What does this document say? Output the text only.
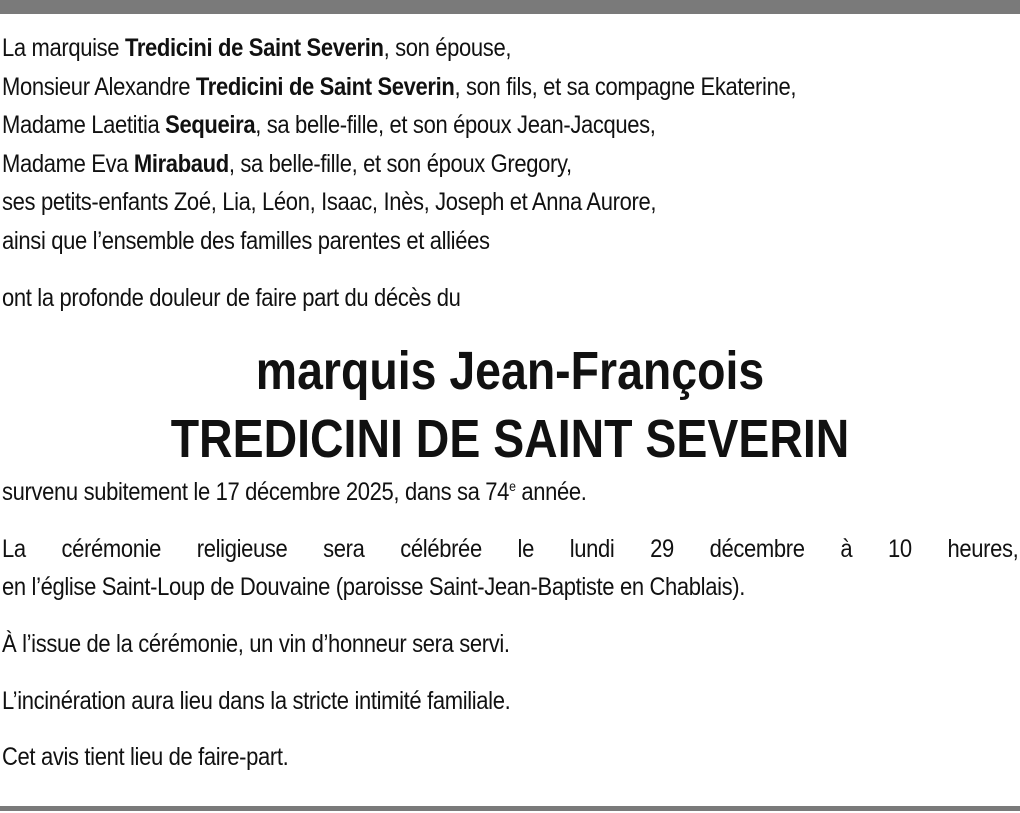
La marquise Tredicini de Saint Severin, son épouse,
Monsieur Alexandre Tredicini de Saint Severin, son fils, et sa compagne Ekaterine,
Madame Laetitia Sequeira, sa belle-fille, et son époux Jean-Jacques,
Madame Eva Mirabaud, sa belle-fille, et son époux Gregory,
ses petits-enfants Zoé, Lia, Léon, Isaac, Inès, Joseph et Anna Aurore,
ainsi que l’ensemble des familles parentes et alliées
ont la profonde douleur de faire part du décès du
marquis Jean-François
TREDICINI DE SAINT SEVERIN
survenu subitement le 17 décembre 2025, dans sa 74e année.
La cérémonie religieuse sera célébrée le lundi 29 décembre à 10 heures,
en l’église Saint-Loup de Douvaine (paroisse Saint-Jean-Baptiste en Chablais).
À l’issue de la cérémonie, un vin d’honneur sera servi.
L’incinération aura lieu dans la stricte intimité familiale.
Cet avis tient lieu de faire-part.
